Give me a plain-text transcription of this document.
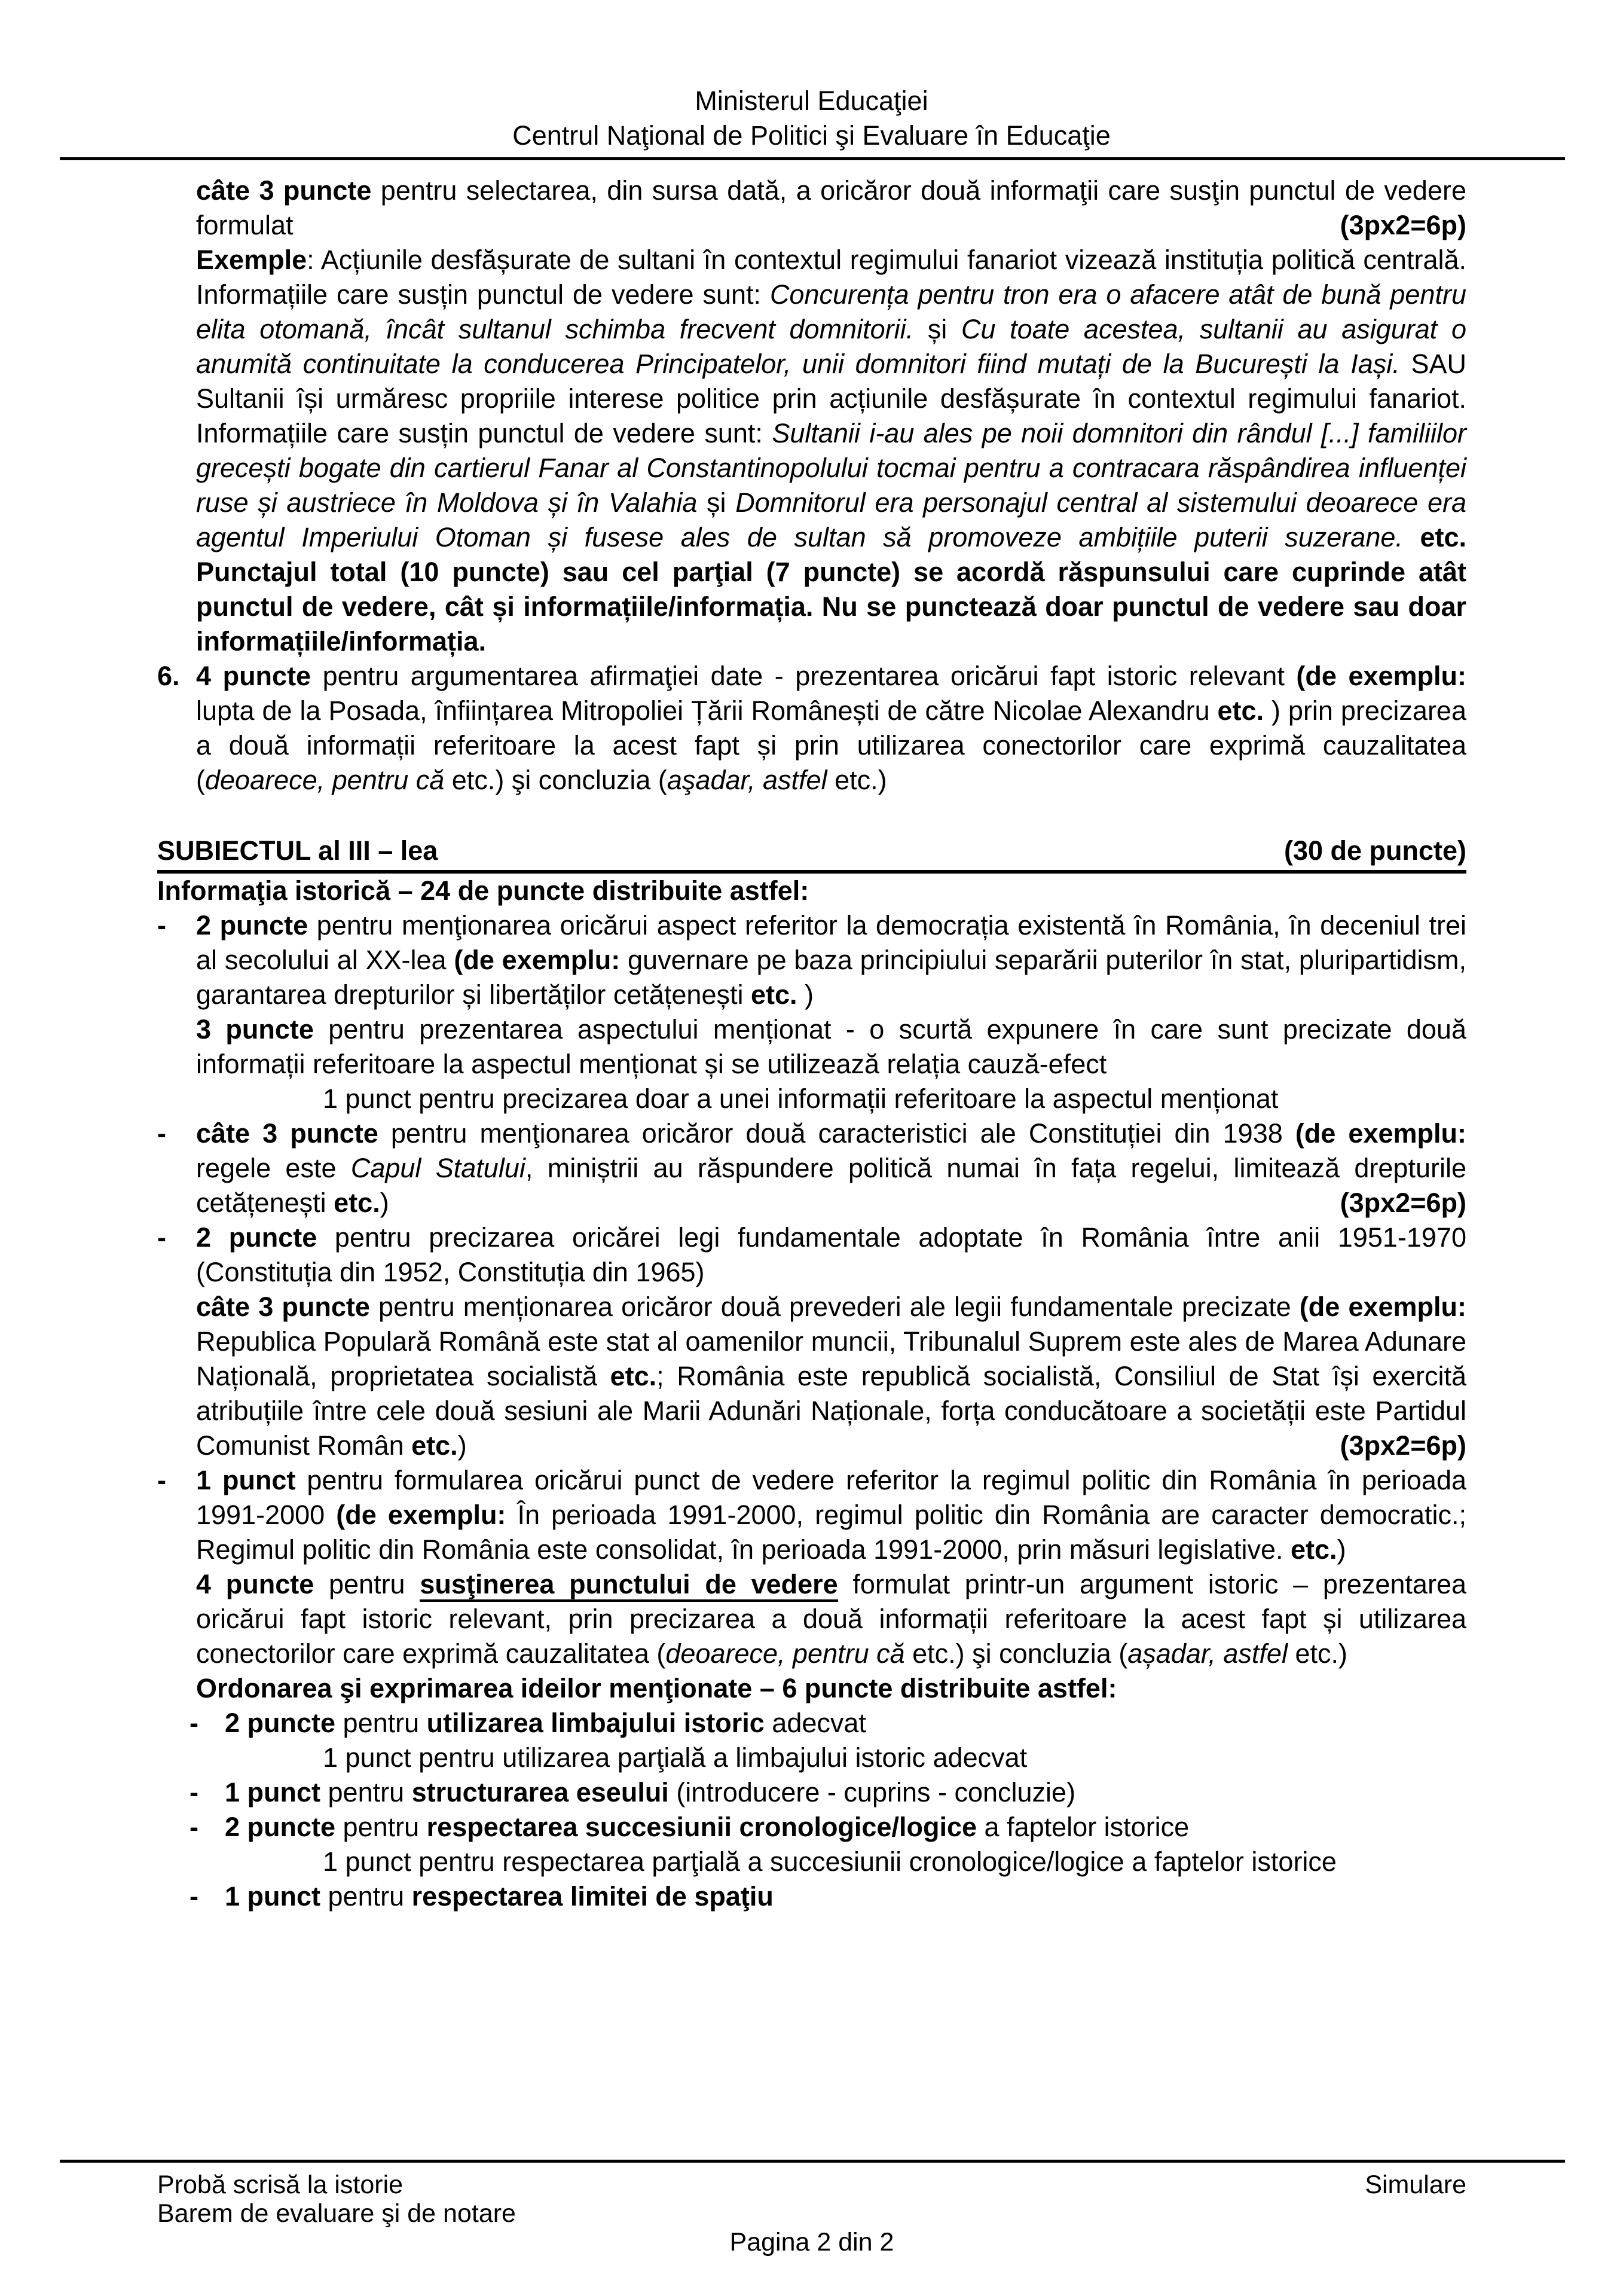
Ministerul Educaţiei
Centrul Naţional de Politici şi Evaluare în Educaţie
câte 3 puncte pentru selectarea, din sursa dată, a oricăror două informaţii care susţin punctul de vedere formulat	(3px2=6p)
Exemple: Acțiunile desfășurate de sultani în contextul regimului fanariot vizează instituția politică centrală. Informațiile care susțin punctul de vedere sunt: Concurența pentru tron era o afacere atât de bună pentru elita otomană, încât sultanul schimba frecvent domnitorii. și Cu toate acestea, sultanii au asigurat o anumită continuitate la conducerea Principatelor, unii domnitori fiind mutați de la București la Iași. SAU Sultanii își urmăresc propriile interese politice prin acțiunile desfășurate în contextul regimului fanariot. Informațiile care susțin punctul de vedere sunt: Sultanii i-au ales pe noii domnitori din rândul [...] familiilor grecești bogate din cartierul Fanar al Constantinopolului tocmai pentru a contracara răspândirea influenței ruse și austriece în Moldova și în Valahia și Domnitorul era personajul central al sistemului deoarece era agentul Imperiului Otoman și fusese ales de sultan să promoveze ambițiile puterii suzerane. etc. Punctajul total (10 puncte) sau cel parţial (7 puncte) se acordă răspunsului care cuprinde atât punctul de vedere, cât și informațiile/informația. Nu se punctează doar punctul de vedere sau doar informațiile/informația.
6. 4 puncte pentru argumentarea afirmaţiei date - prezentarea oricărui fapt istoric relevant (de exemplu: lupta de la Posada, înființarea Mitropoliei Țării Românești de către Nicolae Alexandru etc. ) prin precizarea a două informații referitoare la acest fapt și prin utilizarea conectorilor care exprimă cauzalitatea (deoarece, pentru că etc.) şi concluzia (aşadar, astfel etc.)
SUBIECTUL al III – lea	(30 de puncte)
Informaţia istorică – 24 de puncte distribuite astfel:
- 2 puncte pentru menţionarea oricărui aspect referitor la democrația existentă în România, în deceniul trei al secolului al XX-lea (de exemplu: guvernare pe baza principiului separării puterilor în stat, pluripartidism, garantarea drepturilor și libertăților cetățenești etc. )
3 puncte pentru prezentarea aspectului menționat - o scurtă expunere în care sunt precizate două informații referitoare la aspectul menționat și se utilizează relația cauză-efect
1 punct pentru precizarea doar a unei informații referitoare la aspectul menționat
- câte 3 puncte pentru menţionarea oricăror două caracteristici ale Constituției din 1938 (de exemplu: regele este Capul Statului, miniștrii au răspundere politică numai în fața regelui, limitează drepturile cetățenești etc.)	(3px2=6p)
- 2 puncte pentru precizarea oricărei legi fundamentale adoptate în România între anii 1951-1970 (Constituția din 1952, Constituția din 1965)
câte 3 puncte pentru menționarea oricăror două prevederi ale legii fundamentale precizate (de exemplu: Republica Populară Română este stat al oamenilor muncii, Tribunalul Suprem este ales de Marea Adunare Națională, proprietatea socialistă etc.; România este republică socialistă, Consiliul de Stat își exercită atribuțiile între cele două sesiuni ale Marii Adunări Naționale, forța conducătoare a societății este Partidul Comunist Român etc.)	(3px2=6p)
- 1 punct pentru formularea oricărui punct de vedere referitor la regimul politic din România în perioada 1991-2000 (de exemplu: În perioada 1991-2000, regimul politic din România are caracter democratic.; Regimul politic din România este consolidat, în perioada 1991-2000, prin măsuri legislative. etc.)
4 puncte pentru susţinerea punctului de vedere formulat printr-un argument istoric – prezentarea oricărui fapt istoric relevant, prin precizarea a două informații referitoare la acest fapt și utilizarea conectorilor care exprimă cauzalitatea (deoarece, pentru că etc.) şi concluzia (așadar, astfel etc.)
Ordonarea şi exprimarea ideilor menţionate – 6 puncte distribuite astfel:
- 2 puncte pentru utilizarea limbajului istoric adecvat
1 punct pentru utilizarea parţială a limbajului istoric adecvat
- 1 punct pentru structurarea eseului (introducere - cuprins - concluzie)
- 2 puncte pentru respectarea succesiunii cronologice/logice a faptelor istorice
1 punct pentru respectarea parţială a succesiunii cronologice/logice a faptelor istorice
- 1 punct pentru respectarea limitei de spaţiu
Probă scrisă la istorie	Simulare
Barem de evaluare şi de notare
Pagina 2 din 2
